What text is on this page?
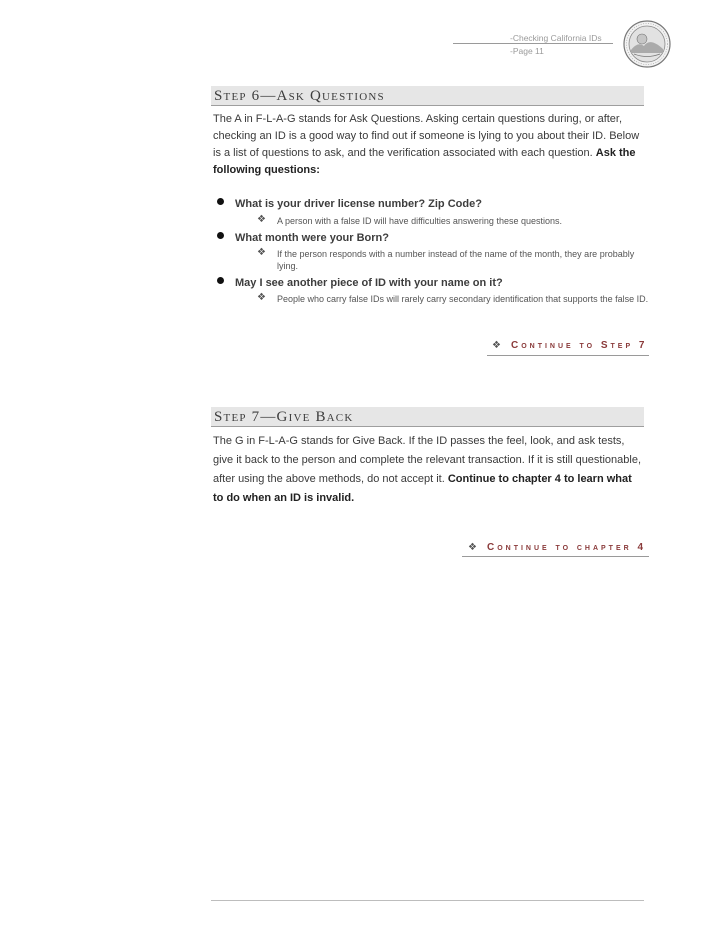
-Checking California IDs
-Page 11
Step 6—Ask Questions
The A in F-L-A-G stands for Ask Questions. Asking certain questions during, or after, checking an ID is a good way to find out if someone is lying to you about their ID. Below is a list of questions to ask, and the verification associated with each question. Ask the following questions:
What is your driver license number? Zip Code?
❖ A person with a false ID will have difficulties answering these questions.
What month were your Born?
❖ If the person responds with a number instead of the name of the month, they are probably lying.
May I see another piece of ID with your name on it?
❖ People who carry false IDs will rarely carry secondary identification that supports the false ID.
❖ Continue to Step 7
Step 7—Give Back
The G in F-L-A-G stands for Give Back. If the ID passes the feel, look, and ask tests, give it back to the person and complete the relevant transaction. If it is still questionable, after using the above methods, do not accept it. Continue to chapter 4 to learn what to do when an ID is invalid.
❖ Continue to chapter 4
